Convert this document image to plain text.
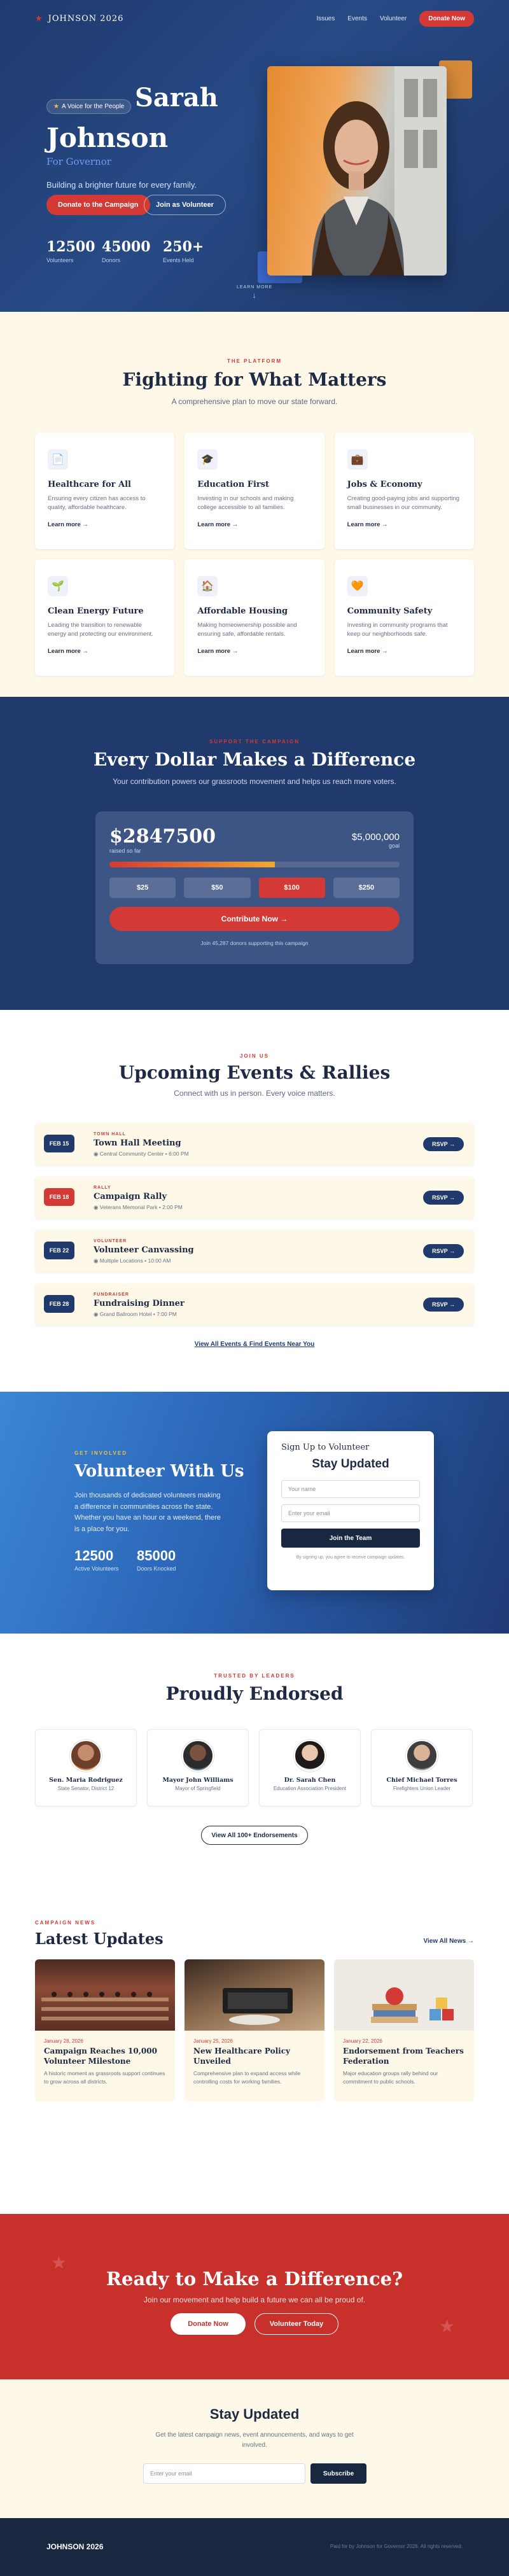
★ JOHNSON 2026	Issues Events Volunteer	Donate Now
★ A Voice for the People Sarah
Johnson
For Governor
Building a brighter future for every family.
Donate to the Campaign	Join as Volunteer
12500
Volunteers
45000
Donors
250+
Events Held
LEARN MORE
↓
THE PLATFORM
Fighting for What Matters
A comprehensive plan to move our state forward.
📄
Healthcare for All

Ensuring every citizen has access to quality, affordable healthcare.

Learn more →
🎓
Education First

Investing in our schools and making college accessible to all families.

Learn more →
💼
Jobs & Economy

Creating good-paying jobs and supporting small businesses in our community.

Learn more →
🌱
Clean Energy Future

Leading the transition to renewable energy and protecting our environment.

Learn more →
🏠
Affordable Housing

Making homeownership possible and ensuring safe, affordable rentals.

Learn more →
🧡
Community Safety

Investing in community programs that keep our neighborhoods safe.

Learn more →
SUPPORT THE CAMPAIGN
Every Dollar Makes a Difference
Your contribution powers our grassroots movement and helps us reach more voters.
$2847500
raised so far
$5,000,000
goal
$25	$50	$100	$250
Contribute Now →
Join 45,287 donors supporting this campaign
JOIN US
Upcoming Events & Rallies
Connect with us in person. Every voice matters.
FEB 15
TOWN HALL
Town Hall Meeting
◉ Central Community Center • 6:00 PM
RSVP →
FEB 18
RALLY
Campaign Rally
◉ Veterans Memorial Park • 2:00 PM
RSVP →
FEB 22
VOLUNTEER
Volunteer Canvassing
◉ Multiple Locations • 10:00 AM
RSVP →
FEB 28
FUNDRAISER
Fundraising Dinner
◉ Grand Ballroom Hotel • 7:00 PM
RSVP →
View All Events & Find Events Near You
GET INVOLVED
Volunteer With Us
Join thousands of dedicated volunteers making a difference in communities across the state. Whether you have an hour or a weekend, there is a place for you.
12500
Active Volunteers
85000
Doors Knocked
Sign Up to Volunteer
Stay Updated
Your name
Enter your email
Join the Team
By signing up, you agree to receive campaign updates.
TRUSTED BY LEADERS
Proudly Endorsed
Sen. Maria Rodriguez
State Senator, District 12
Mayor John Williams
Mayor of Springfield
Dr. Sarah Chen
Education Association President
Chief Michael Torres
Firefighters Union Leader
View All 100+ Endorsements
CAMPAIGN NEWS
Latest Updates	View All News →
January 28, 2026
Campaign Reaches 10,000 Volunteer Milestone
A historic moment as grassroots support continues to grow across all districts.
January 25, 2026
New Healthcare Policy Unveiled
Comprehensive plan to expand access while controlling costs for working families.
January 22, 2026
Endorsement from Teachers Federation
Major education groups rally behind our commitment to public schools.
★
★
Ready to Make a Difference?

Join our movement and help build a future we can all be proud of.

Donate Now	Volunteer Today
Stay Updated

Get the latest campaign news, event announcements, and ways to get involved.

Enter your email	Subscribe
JOHNSON 2026	Paid for by Johnson for Governor 2026. All rights reserved.
